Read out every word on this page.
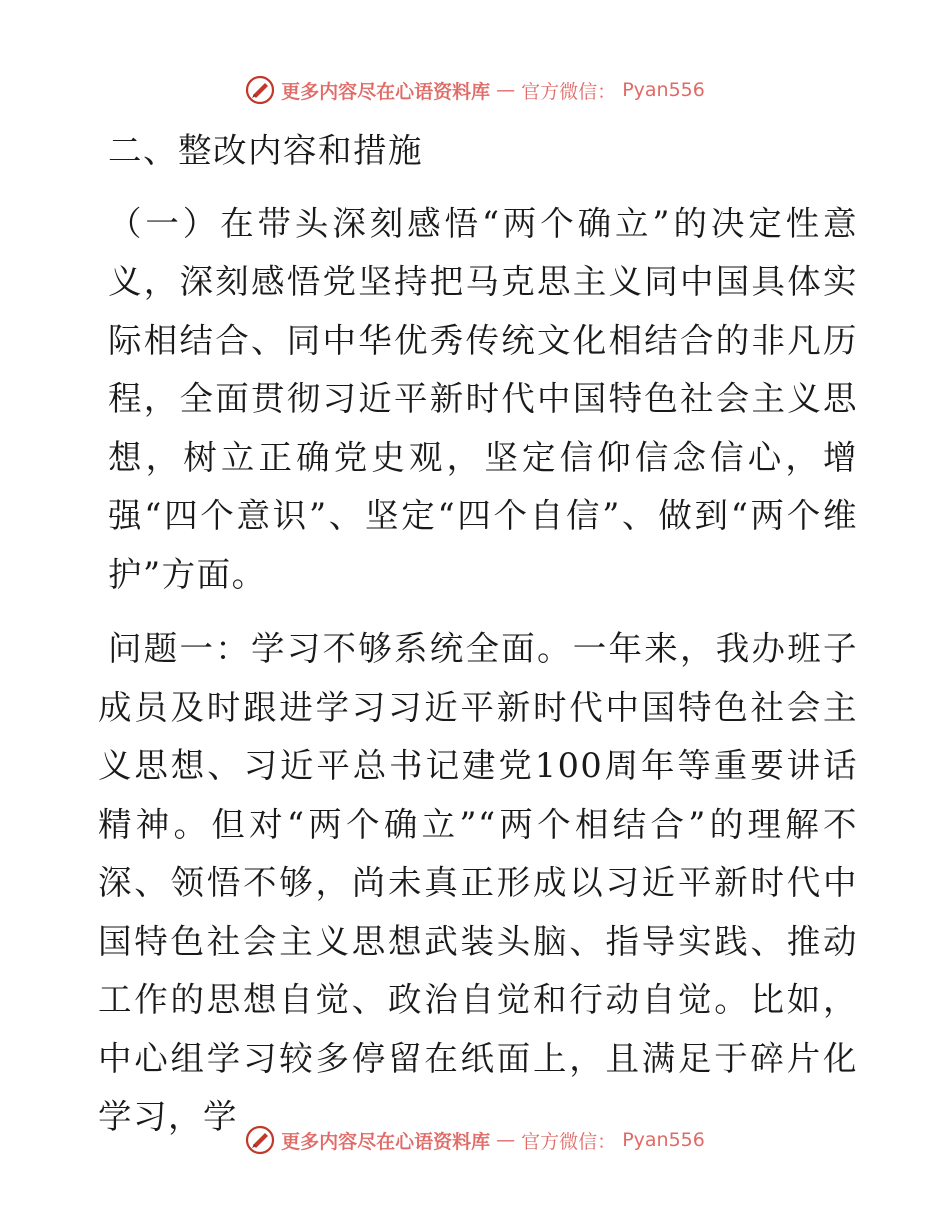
更多内容尽在心语资料库 — 官方微信： Pyan556

二、整改内容和措施

（一）在带头深刻感悟“两个确立”的决定性意义，深刻感悟党坚持把马克思主义同中国具体实际相结合、同中华优秀传统文化相结合的非凡历程，全面贯彻习近平新时代中国特色社会主义思想，树立正确党史观，坚定信仰信念信心，增强“四个意识”、坚定“四个自信”、做到“两个维护”方面。

问题一：学习不够系统全面。一年来，我办班子成员及时跟进学习习近平新时代中国特色社会主义思想、习近平总书记建党100周年等重要讲话精神。但对“两个确立”“两个相结合”的理解不深、领悟不够，尚未真正形成以习近平新时代中国特色社会主义思想武装头脑、指导实践、推动工作的思想自觉、政治自觉和行动自觉。比如，中心组学习较多停留在纸面上，且满足于碎片化学习，学

更多内容尽在心语资料库 — 官方微信： Pyan556
